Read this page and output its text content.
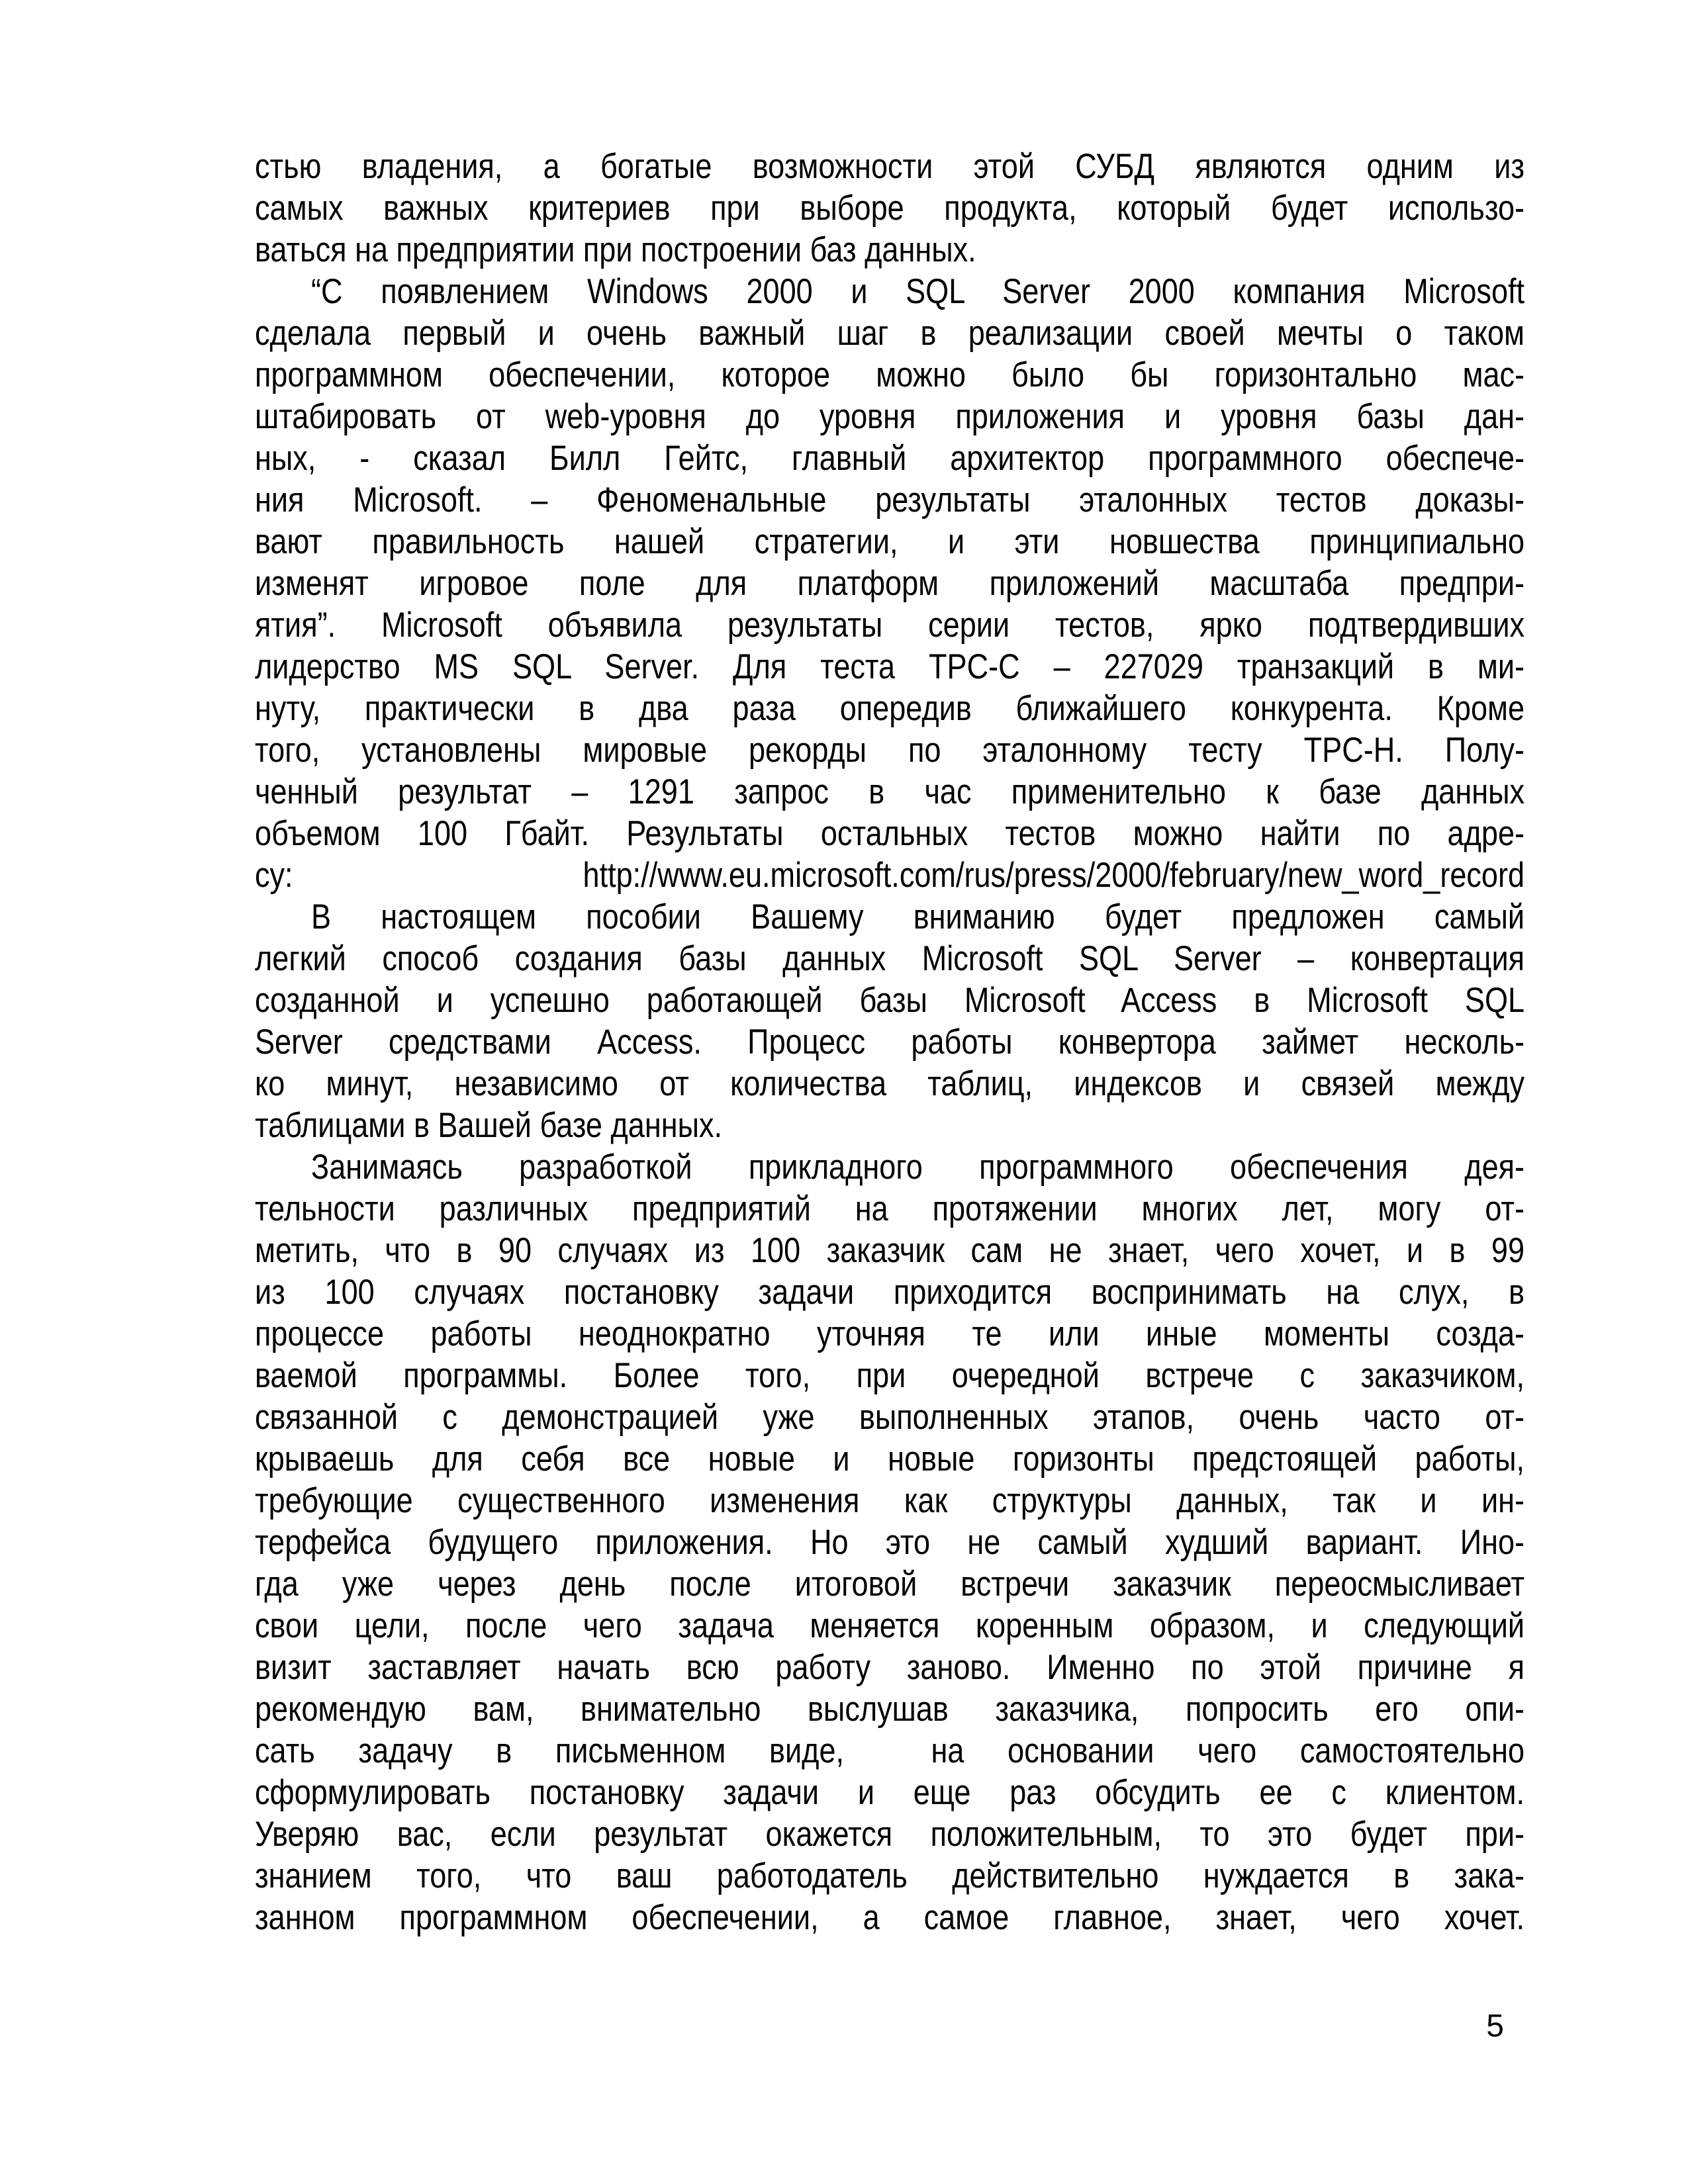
стью владения, а богатые возможности этой СУБД являются одним из
самых важных критериев при выборе продукта, который будет использо-
ваться на предприятии при построении баз данных.
“С появлением Windows 2000 и SQL Server 2000 компания Microsoft
сделала первый и очень важный шаг в реализации своей мечты о таком
программном обеспечении, которое можно было бы горизонтально мас-
штабировать от web-уровня до уровня приложения и уровня базы дан-
ных, - сказал Билл Гейтс, главный архитектор программного обеспече-
ния Microsoft. – Феноменальные результаты эталонных тестов доказы-
вают правильность нашей стратегии, и эти новшества принципиально
изменят игровое поле для платформ приложений масштаба предпри-
ятия”. Microsoft объявила результаты серии тестов, ярко подтвердивших
лидерство MS SQL Server. Для теста TPC-C – 227029 транзакций в ми-
нуту, практически в два раза опередив ближайшего конкурента. Кроме
того, установлены мировые рекорды по эталонному тесту TPC-H. Полу-
ченный результат – 1291 запрос в час применительно к базе данных
объемом 100 Гбайт. Результаты остальных тестов можно найти по адре-
су: http://www.eu.microsoft.com/rus/press/2000/february/new_word_record
В настоящем пособии Вашему вниманию будет предложен самый
легкий способ создания базы данных Microsoft SQL Server – конвертация
созданной и успешно работающей базы Microsoft Access в Microsoft SQL
Server средствами Access. Процесс работы конвертора займет несколь-
ко минут, независимо от количества таблиц, индексов и связей между
таблицами в Вашей базе данных.
Занимаясь разработкой прикладного программного обеспечения дея-
тельности различных предприятий на протяжении многих лет, могу от-
метить, что в 90 случаях из 100 заказчик сам не знает, чего хочет, и в 99
из 100 случаях постановку задачи приходится воспринимать на слух, в
процессе работы неоднократно уточняя те или иные моменты созда-
ваемой программы. Более того, при очередной встрече с заказчиком,
связанной с демонстрацией уже выполненных этапов, очень часто от-
крываешь для себя все новые и новые горизонты предстоящей работы,
требующие существенного изменения как структуры данных, так и ин-
терфейса будущего приложения. Но это не самый худший вариант. Ино-
гда уже через день после итоговой встречи заказчик переосмысливает
свои цели, после чего задача меняется коренным образом, и следующий
визит заставляет начать всю работу заново. Именно по этой причине я
рекомендую вам, внимательно выслушав заказчика, попросить его опи-
сать задачу в письменном виде,  на основании чего самостоятельно
сформулировать постановку задачи и еще раз обсудить ее с клиентом.
Уверяю вас, если результат окажется положительным, то это будет при-
знанием того, что ваш работодатель действительно нуждается в зака-
занном программном обеспечении, а самое главное, знает, чего хочет.
5
